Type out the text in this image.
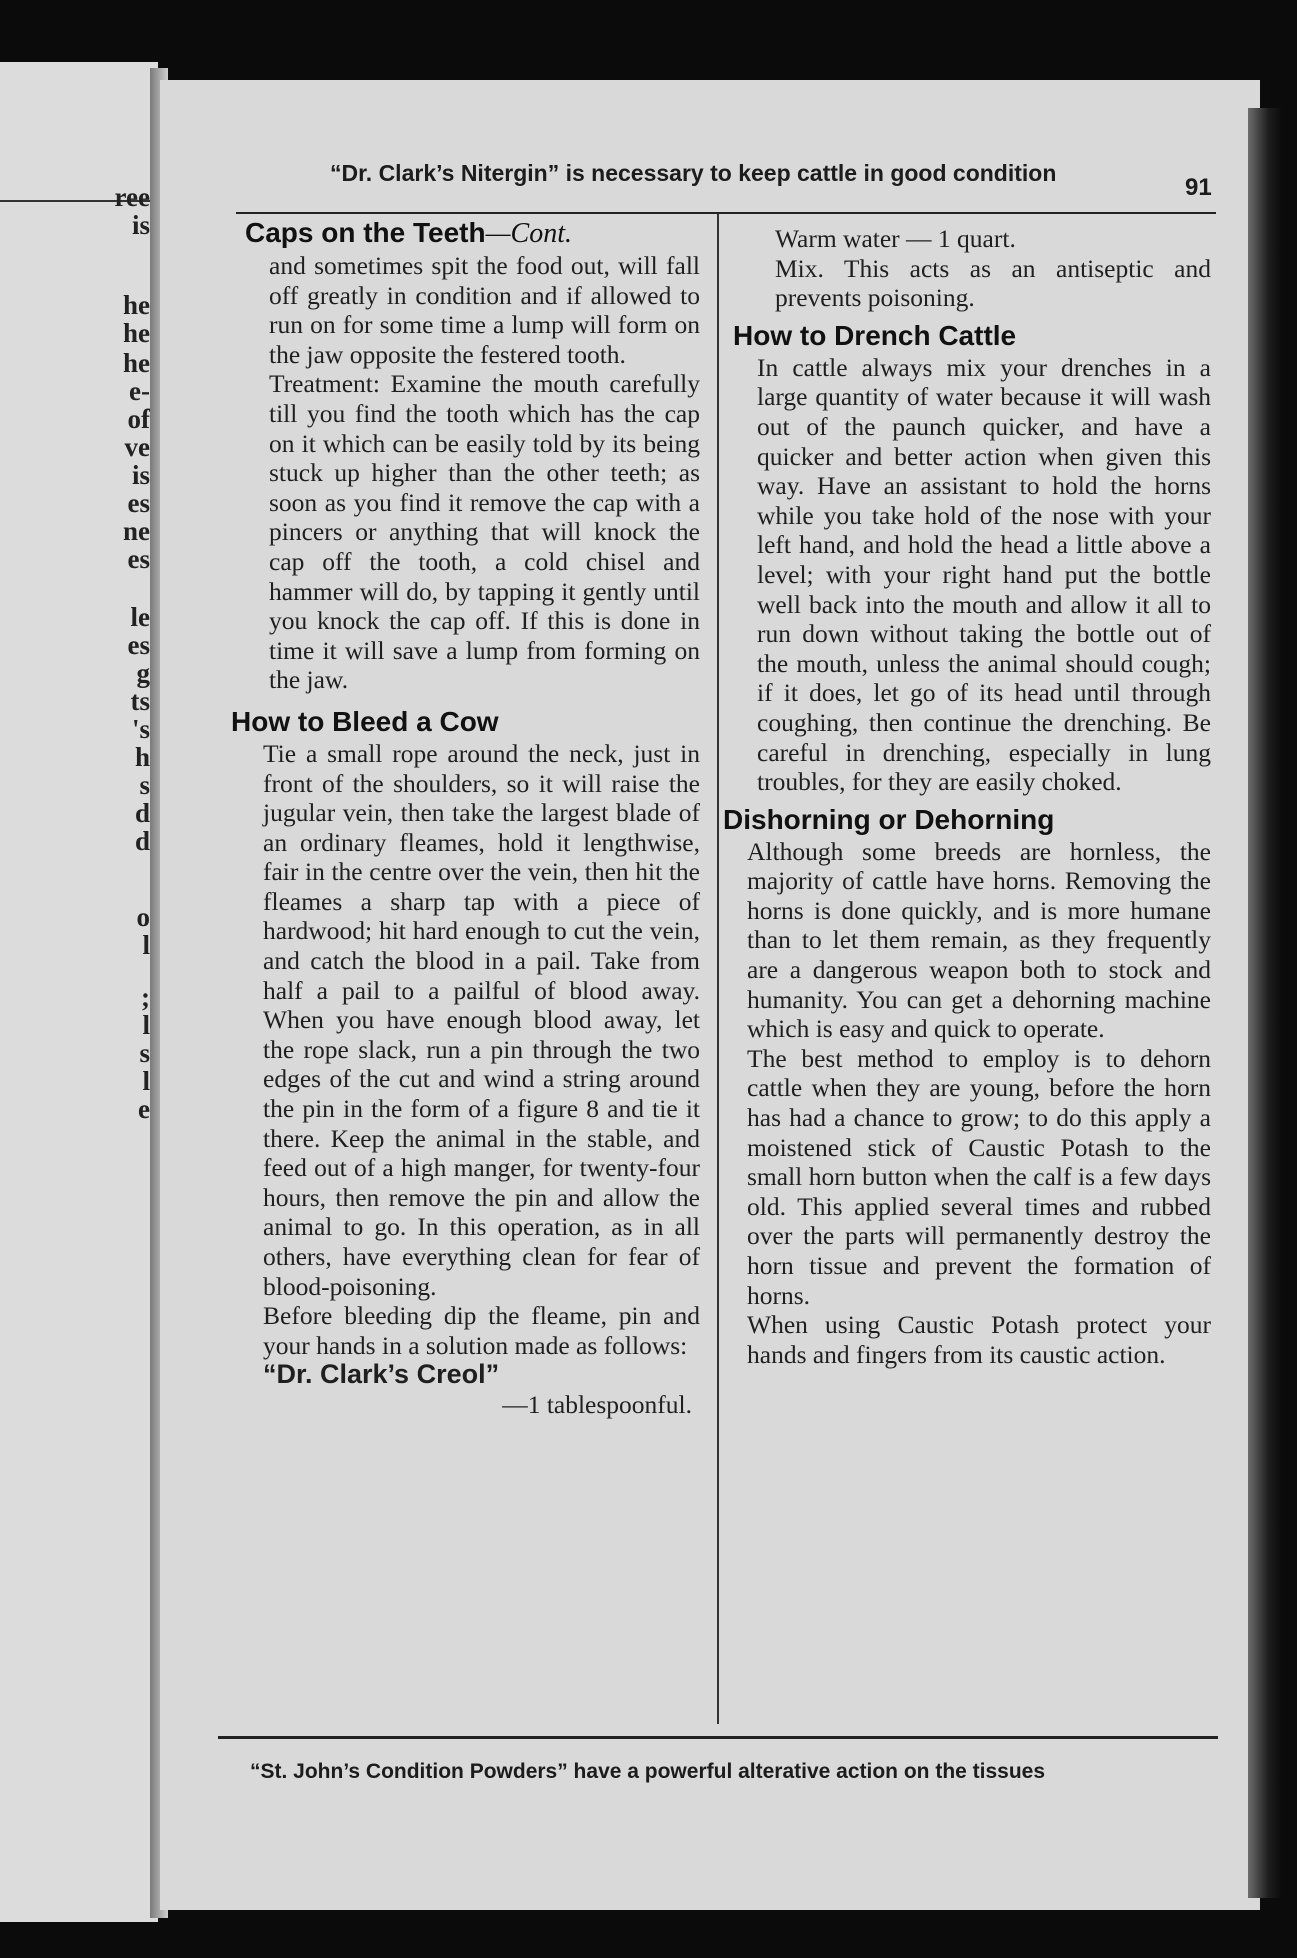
ree
is
he
he
he
e-
of
ve
is
es
ne
es
le
es
g
ts
's
h
s
d
d
o
l
;
l
s
l
e
“Dr. Clark’s Nitergin” is necessary to keep cattle in good condition
91
Caps on the Teeth—Cont.

and sometimes spit the food out, will fall off greatly in condition and if allowed to run on for some time a lump will form on the jaw opposite the festered tooth.

Treatment: Examine the mouth carefully till you find the tooth which has the cap on it which can be easily told by its being stuck up higher than the other teeth; as soon as you find it remove the cap with a pincers or anything that will knock the cap off the tooth, a cold chisel and hammer will do, by tapping it gently until you knock the cap off. If this is done in time it will save a lump from forming on the jaw.

How to Bleed a Cow

Tie a small rope around the neck, just in front of the shoulders, so it will raise the jugular vein, then take the largest blade of an ordinary fleames, hold it lengthwise, fair in the centre over the vein, then hit the fleames a sharp tap with a piece of hardwood; hit hard enough to cut the vein, and catch the blood in a pail. Take from half a pail to a pailful of blood away. When you have enough blood away, let the rope slack, run a pin through the two edges of the cut and wind a string around the pin in the form of a figure 8 and tie it there. Keep the animal in the stable, and feed out of a high manger, for twenty-four hours, then remove the pin and allow the animal to go. In this operation, as in all others, have everything clean for fear of blood-poisoning.

Before bleeding dip the fleame, pin and your hands in a solution made as follows:

“Dr. Clark’s Creol”

—1 tablespoonful.

Warm water — 1 quart.

Mix. This acts as an antiseptic and prevents poisoning.

How to Drench Cattle

In cattle always mix your drenches in a large quantity of water because it will wash out of the paunch quicker, and have a quicker and better action when given this way. Have an assistant to hold the horns while you take hold of the nose with your left hand, and hold the head a little above a level; with your right hand put the bottle well back into the mouth and allow it all to run down without taking the bottle out of the mouth, unless the animal should cough; if it does, let go of its head until through coughing, then continue the drenching. Be careful in drenching, especially in lung troubles, for they are easily choked.

Dishorning or Dehorning

Although some breeds are hornless, the majority of cattle have horns. Removing the horns is done quickly, and is more humane than to let them remain, as they frequently are a dangerous weapon both to stock and humanity. You can get a dehorning machine which is easy and quick to operate.

The best method to employ is to dehorn cattle when they are young, before the horn has had a chance to grow; to do this apply a moistened stick of Caustic Potash to the small horn button when the calf is a few days old. This applied several times and rubbed over the parts will permanently destroy the horn tissue and prevent the formation of horns.

When using Caustic Potash protect your hands and fingers from its caustic action.

“St. John’s Condition Powders” have a powerful alterative action on the tissues
